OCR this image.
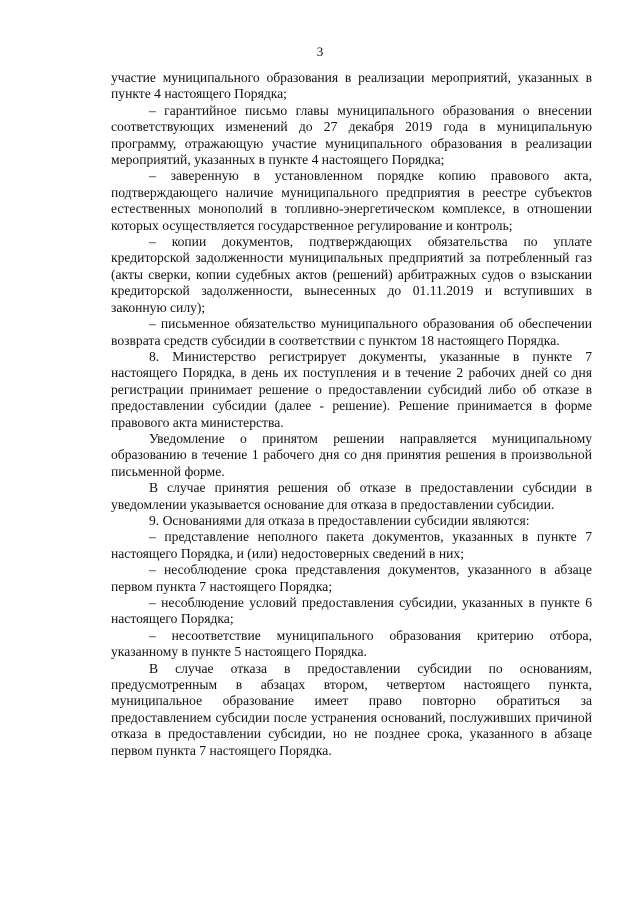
3

участие муниципального образования в реализации мероприятий, указанных в пункте 4 настоящего Порядка;

– гарантийное письмо главы муниципального образования о внесении соответствующих изменений до 27 декабря 2019 года в муниципальную программу, отражающую участие муниципального образования в реализации мероприятий, указанных в пункте 4 настоящего Порядка;

– заверенную в установленном порядке копию правового акта, подтверждающего наличие муниципального предприятия в реестре субъектов естественных монополий в топливно-энергетическом комплексе, в отношении которых осуществляется государственное регулирование и контроль;

– копии документов, подтверждающих обязательства по уплате кредиторской задолженности муниципальных предприятий за потребленный газ (акты сверки, копии судебных актов (решений) арбитражных судов о взыскании кредиторской задолженности, вынесенных до 01.11.2019 и вступивших в законную силу);

– письменное обязательство муниципального образования об обеспечении возврата средств субсидии в соответствии с пунктом 18 настоящего Порядка.

8. Министерство регистрирует документы, указанные в пункте 7 настоящего Порядка, в день их поступления и в течение 2 рабочих дней со дня регистрации принимает решение о предоставлении субсидий либо об отказе в предоставлении субсидии (далее - решение). Решение принимается в форме правового акта министерства.

Уведомление о принятом решении направляется муниципальному образованию в течение 1 рабочего дня со дня принятия решения в произвольной письменной форме.

В случае принятия решения об отказе в предоставлении субсидии в уведомлении указывается основание для отказа в предоставлении субсидии.

9. Основаниями для отказа в предоставлении субсидии являются:

– представление неполного пакета документов, указанных в пункте 7 настоящего Порядка, и (или) недостоверных сведений в них;

– несоблюдение срока представления документов, указанного в абзаце первом пункта 7 настоящего Порядка;

– несоблюдение условий предоставления субсидии, указанных в пункте 6 настоящего Порядка;

– несоответствие муниципального образования критерию отбора, указанному в пункте 5 настоящего Порядка.

В случае отказа в предоставлении субсидии по основаниям, предусмотренным в абзацах втором, четвертом настоящего пункта, муниципальное образование имеет право повторно обратиться за предоставлением субсидии после устранения оснований, послуживших причиной отказа в предоставлении субсидии, но не позднее срока, указанного в абзаце первом пункта 7 настоящего Порядка.
